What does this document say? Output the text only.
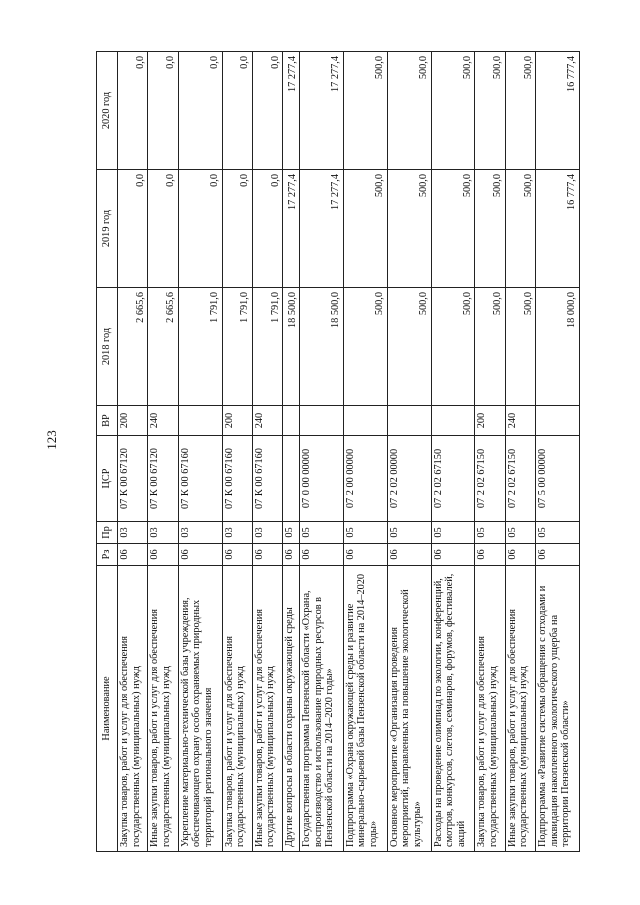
123
Наименование	Рз	Пр	ЦСР	ВР	2018 год	2019 год	2020 год
Закупка товаров, работ и услуг для обеспечения государственных (муниципальных) нужд	06	03	07 К 00 67120	200	2 665,6	0,0	0,0
Иные закупки товаров, работ и услуг для обеспечения государственных (муниципальных) нужд	06	03	07 К 00 67120	240	2 665,6	0,0	0,0
Укрепление материально-технической базы учреждения, обеспечивающего охрану особо охраняемых природных территорий регионального значения	06	03	07 К 00 67160		1 791,0	0,0	0,0
Закупка товаров, работ и услуг для обеспечения государственных (муниципальных) нужд	06	03	07 К 00 67160	200	1 791,0	0,0	0,0
Иные закупки товаров, работ и услуг для обеспечения государственных (муниципальных) нужд	06	03	07 К 00 67160	240	1 791,0	0,0	0,0
Другие вопросы в области охраны окружающей среды	06	05			18 500,0	17 277,4	17 277,4
Государственная программа Пензенской области «Охрана, воспроизводство и использование природных ресурсов в Пензенской области на 2014–2020 годы»	06	05	07 0 00 00000		18 500,0	17 277,4	17 277,4
Подпрограмма «Охрана окружающей среды и развитие минерально-сырьевой базы Пензенской области на 2014–2020 годы»	06	05	07 2 00 00000		500,0	500,0	500,0
Основное мероприятие «Организация проведения мероприятий, направленных на повышение экологической культуры»	06	05	07 2 02 00000		500,0	500,0	500,0
Расходы на проведение олимпиад по экологии, конференций, смотров, конкурсов, слетов, семинаров, форумов, фестивалей, акций	06	05	07 2 02 67150		500,0	500,0	500,0
Закупка товаров, работ и услуг для обеспечения государственных (муниципальных) нужд	06	05	07 2 02 67150	200	500,0	500,0	500,0
Иные закупки товаров, работ и услуг для обеспечения государственных (муниципальных) нужд	06	05	07 2 02 67150	240	500,0	500,0	500,0
Подпрограмма «Развитие системы обращения с отходами и ликвидация накопленного экологического ущерба на территории Пензенской области»	06	05	07 5 00 00000		18 000,0	16 777,4	16 777,4
